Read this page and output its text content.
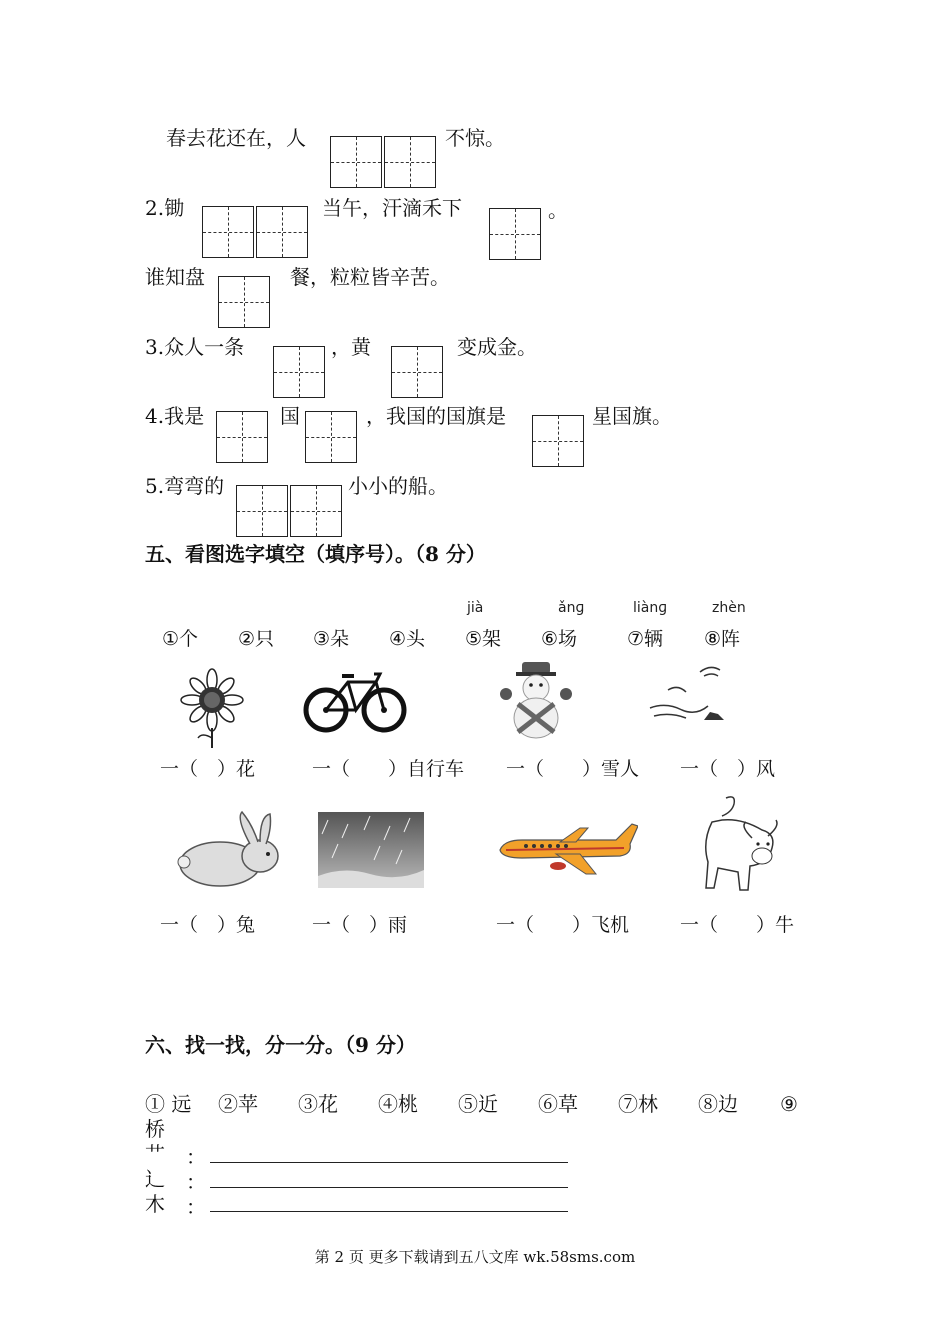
春去花还在，人	不惊。
2.锄	当午，汗滴禾下	。
谁知盘	餐，粒粒皆辛苦。
3.众人一条	，黄	变成金。
4.我是	国	，我国的国旗是	星国旗。
5.弯弯的	小小的船。
五、看图选字填空（填序号）。（8 分）
jià	ǎnɡ	liànɡ	zhèn
①个 ②只 ③朵 ④头 ⑤架 ⑥场	⑦辆 ⑧阵
一（　）花	一（　　）自行车 一（　　）雪人 一（　）风
一（　）兔	一（　）雨	一（　　）飞机	一（　　）牛
六、找一找，分一分。（9 分）
① 远 ②苹 ③花 ④桃 ⑤近 ⑥草 ⑦林 ⑧边 ⑨
桥
艹 ：
辶 ：
木 ：
第 2 页 更多下载请到五八文库 wk.58sms.com
